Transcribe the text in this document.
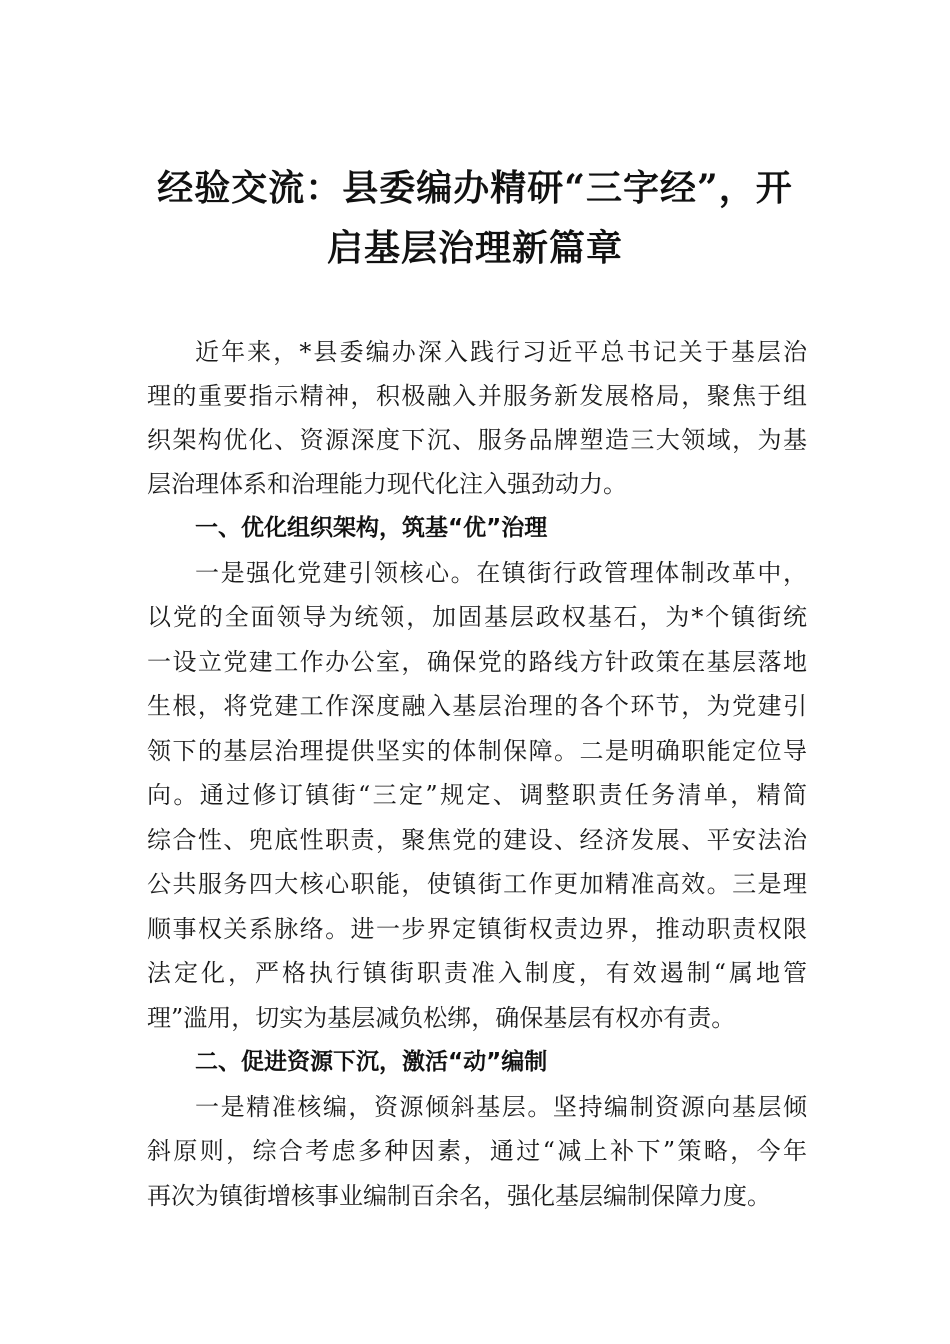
经验交流：县委编办精研“三字经”，开
启基层治理新篇章
近年来，*县委编办深入践行习近平总书记关于基层治
理的重要指示精神，积极融入并服务新发展格局，聚焦于组
织架构优化、资源深度下沉、服务品牌塑造三大领域，为基
层治理体系和治理能力现代化注入强劲动力。
一、优化组织架构，筑基“优”治理
一是强化党建引领核心。在镇街行政管理体制改革中，
以党的全面领导为统领，加固基层政权基石，为*个镇街统
一设立党建工作办公室，确保党的路线方针政策在基层落地
生根，将党建工作深度融入基层治理的各个环节，为党建引
领下的基层治理提供坚实的体制保障。二是明确职能定位导
向。通过修订镇街“三定”规定、调整职责任务清单，精简
综合性、兜底性职责，聚焦党的建设、经济发展、平安法治
公共服务四大核心职能，使镇街工作更加精准高效。三是理
顺事权关系脉络。进一步界定镇街权责边界，推动职责权限
法定化，严格执行镇街职责准入制度，有效遏制“属地管
理”滥用，切实为基层减负松绑，确保基层有权亦有责。
二、促进资源下沉，激活“动”编制
一是精准核编，资源倾斜基层。坚持编制资源向基层倾
斜原则，综合考虑多种因素，通过“减上补下”策略，今年
再次为镇街增核事业编制百余名，强化基层编制保障力度。
